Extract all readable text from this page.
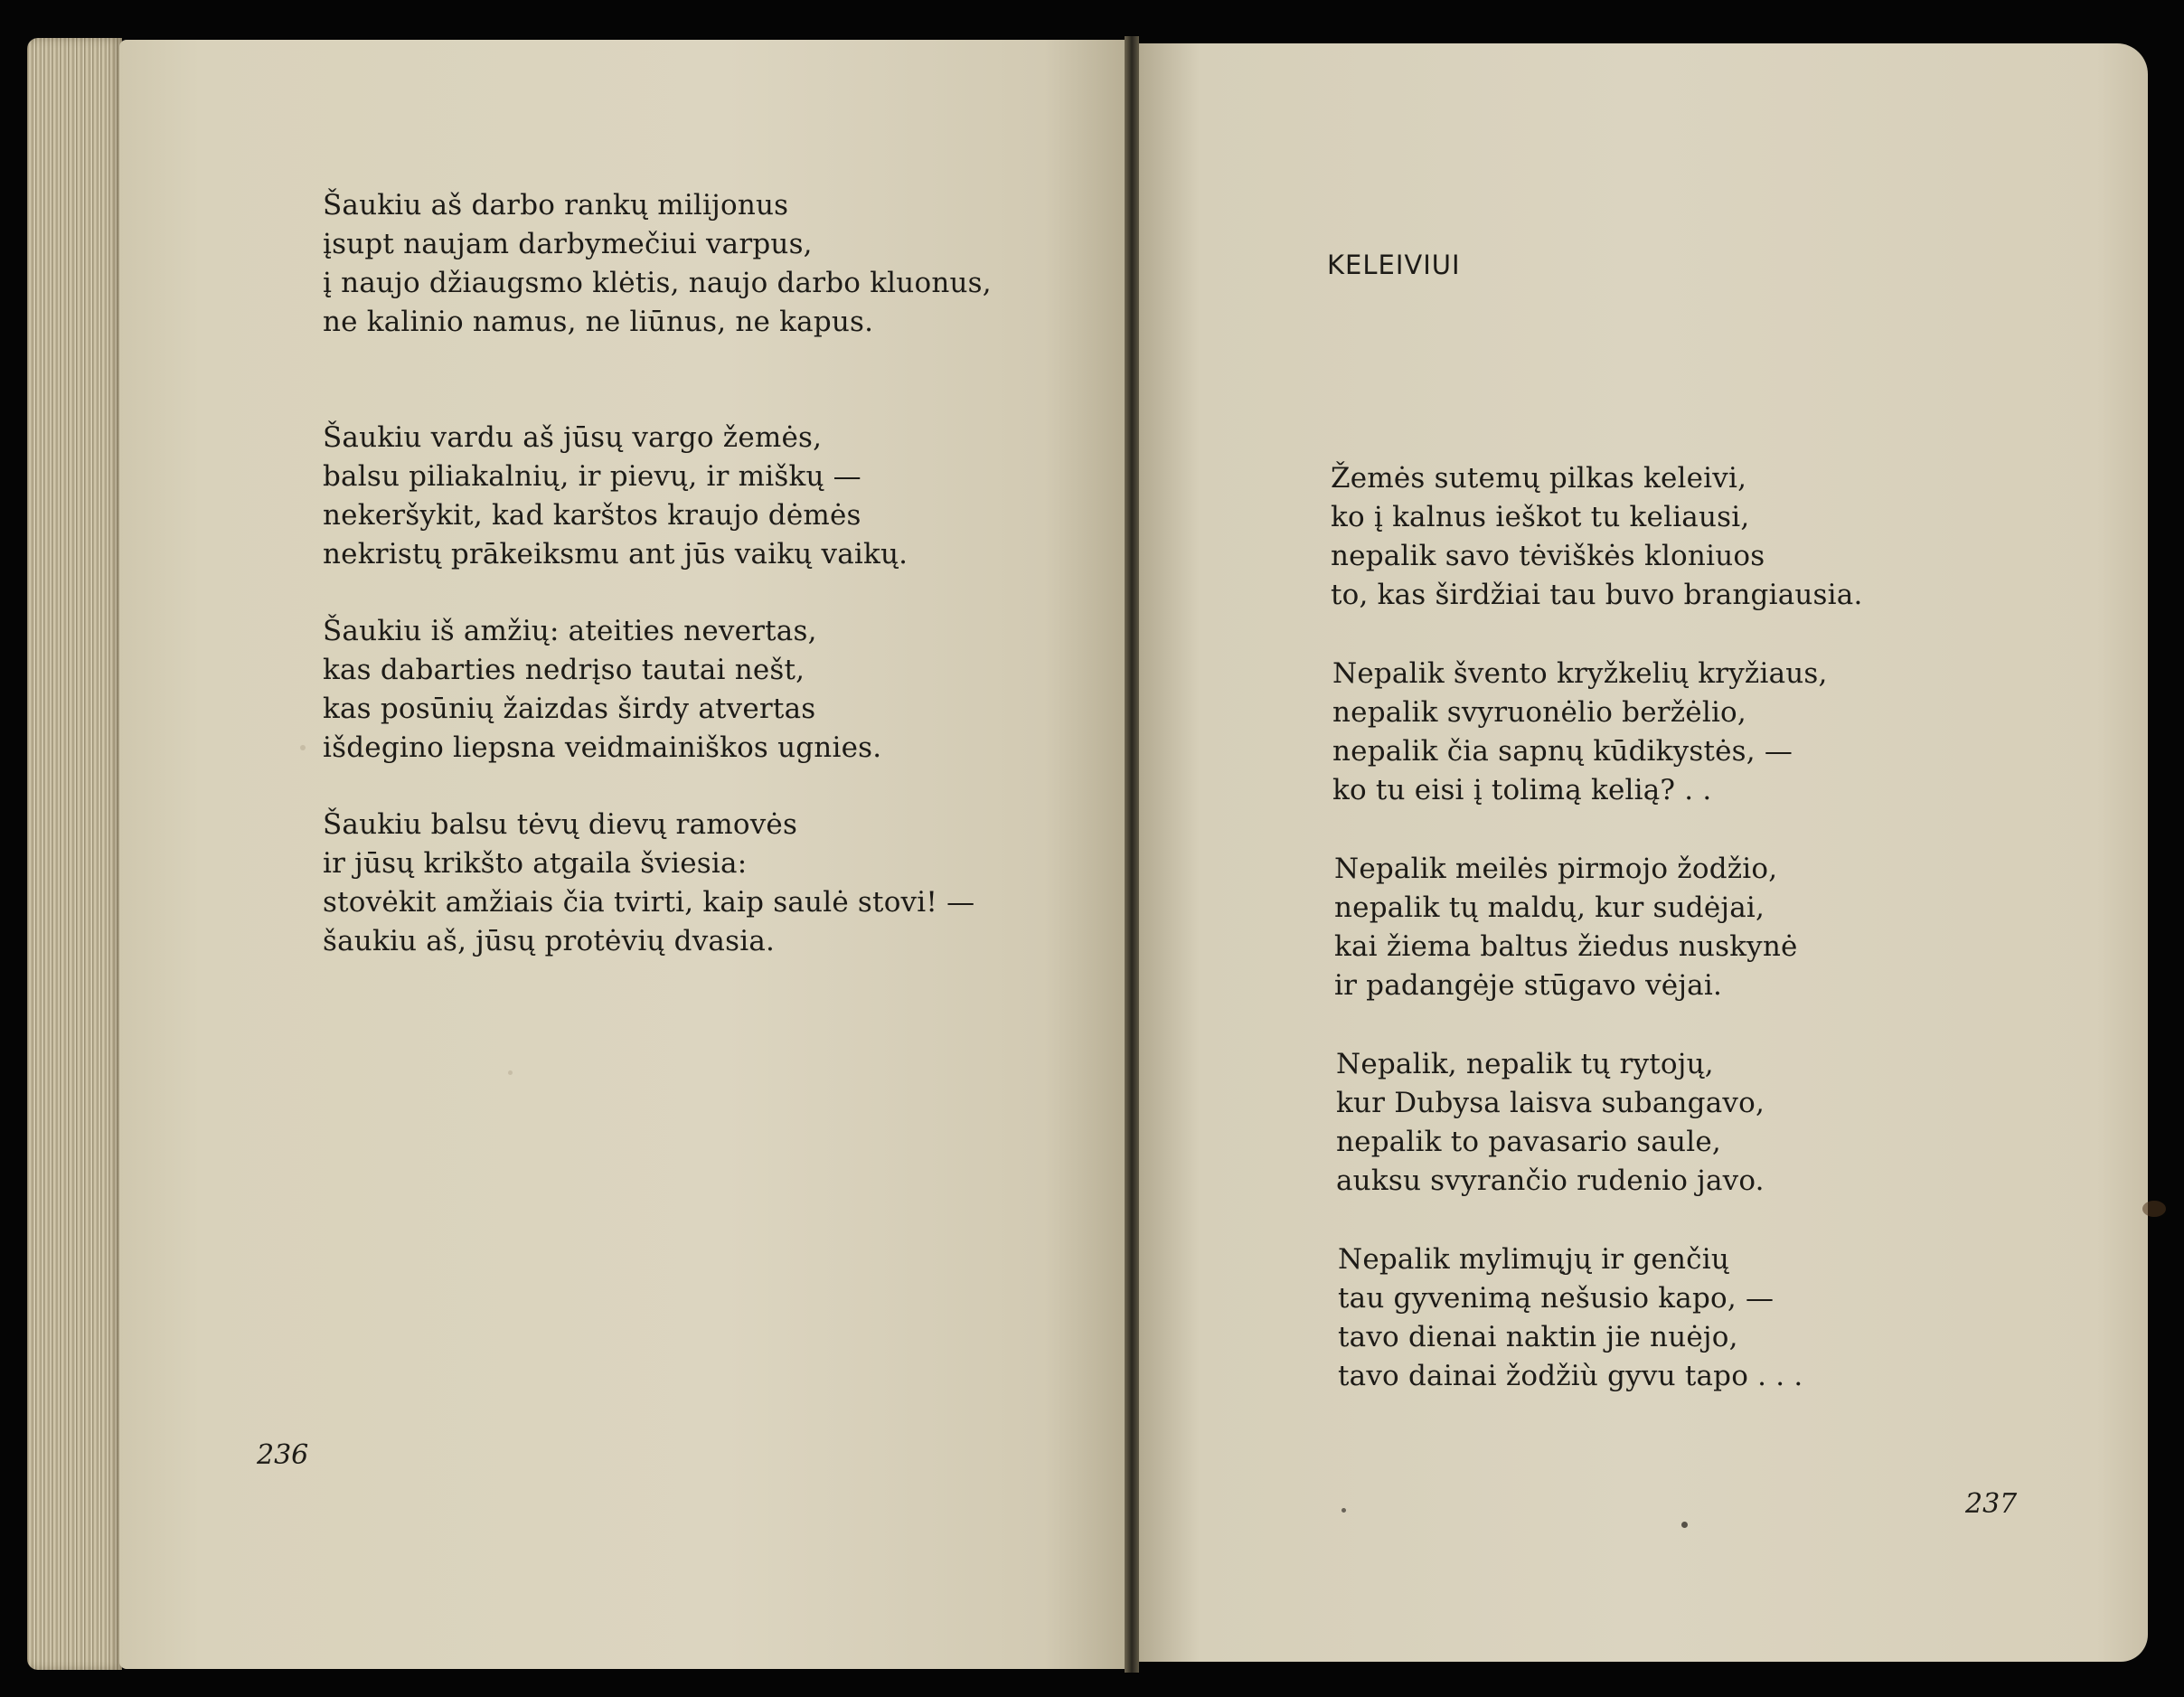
Šaukiu aš darbo rankų milijonus
įsupt naujam darbymečiui varpus,
į naujo džiaugsmo klėtis, naujo darbo kluonus,
ne kalinio namus, ne liūnus, ne kapus.
Šaukiu vardu aš jūsų vargo žemės,
balsu piliakalnių, ir pievų, ir miškų —
nekeršykit, kad karštos kraujo dėmės
nekristų prākeiksmu ant jūs vaikų vaikų.
Šaukiu iš amžių: ateities nevertas,
kas dabarties nedrįso tautai nešt,
kas posūnių žaizdas širdy atvertas
išdegino liepsna veidmainiškos ugnies.
Šaukiu balsu tėvų dievų ramovės
ir jūsų krikšto atgaila šviesia:
stovėkit amžiais čia tvirti, kaip saulė stovi! —
šaukiu aš, jūsų protėvių dvasia.

236

KELEIVIUI

Žemės sutemų pilkas keleivi,
ko į kalnus ieškot tu keliausi,
nepalik savo tėviškės kloniuos
to, kas širdžiai tau buvo brangiausia.
Nepalik švento kryžkelių kryžiaus,
nepalik svyruonėlio beržėlio,
nepalik čia sapnų kūdikystės, —
ko tu eisi į tolimą kelią? . .
Nepalik meilės pirmojo žodžio,
nepalik tų maldų, kur sudėjai,
kai žiema baltus žiedus nuskynė
ir padangėje stūgavo vėjai.
Nepalik, nepalik tų rytojų,
kur Dubysa laisva subangavo,
nepalik to pavasario saule,
auksu svyrančio rudenio javo.
Nepalik mylimųjų ir genčių
tau gyvenimą nešusio kapo, —
tavo dienai naktin jie nuėjo,
tavo dainai žodžiù gyvu tapo . . .

237
